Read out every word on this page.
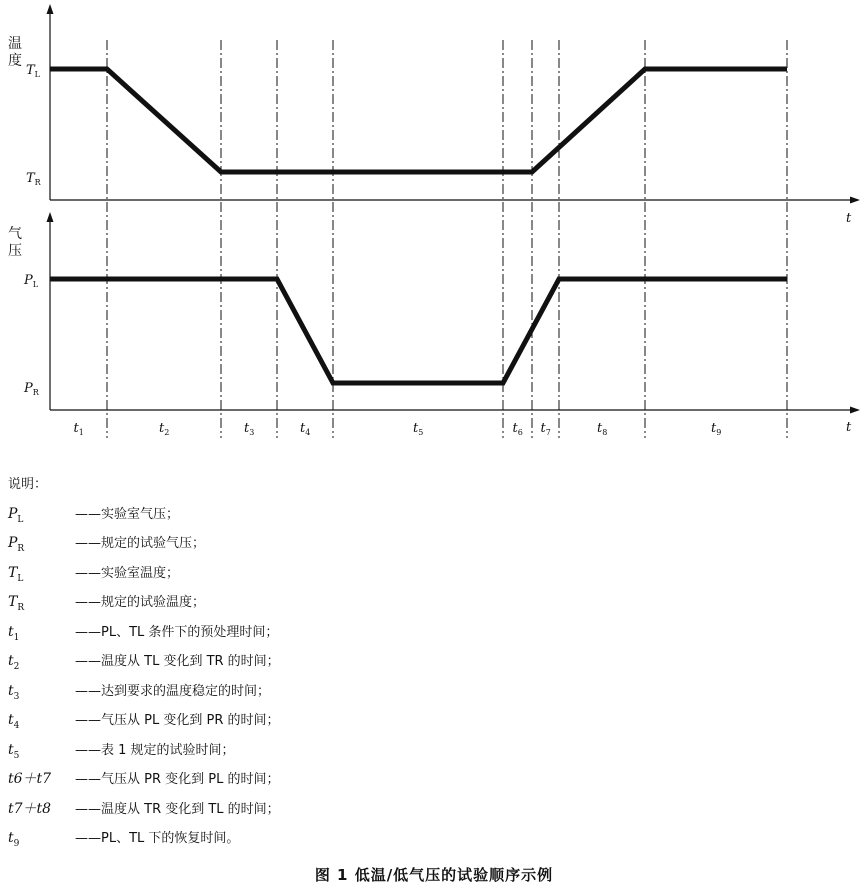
温度
气压
$T_L$
$T_R$
$P_L$
$P_R$
t
t
$t_1$	$t_2$	$t_3$	$t_4$	$t_5$	$t_6$ $t_7$	$t_8$	$t_9$
说明：
$P_L$	——实验室气压；
$P_R$	——规定的试验气压；
$T_L$	——实验室温度；
$T_R$	——规定的试验温度；
$t_1$	——PL、TL 条件下的预处理时间；
$t_2$	——温度从 TL 变化到 TR 的时间；
$t_3$	——达到要求的温度稳定的时间；
$t_4$	——气压从 PL 变化到 PR 的时间；
$t_5$	——表 1 规定的试验时间；
t6＋t7 ——气压从 PR 变化到 PL 的时间；
t7＋t8 ——温度从 TR 变化到 TL 的时间；
$t_9$	——PL、TL 下的恢复时间。
图 1 低温/低气压的试验顺序示例
